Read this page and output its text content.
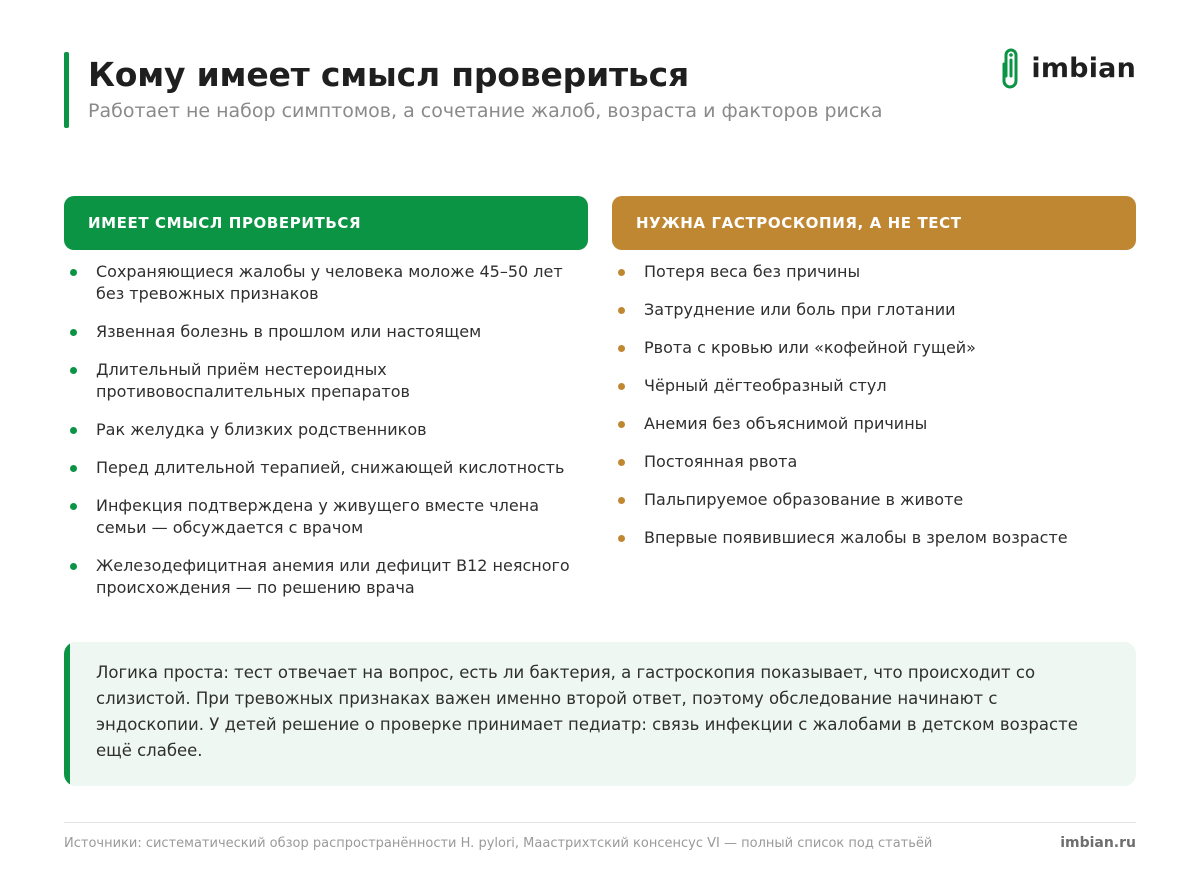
Кому имеет смысл провериться
Работает не набор симптомов, а сочетание жалоб, возраста и факторов риска
imbian
ИМЕЕТ СМЫСЛ ПРОВЕРИТЬСЯ
Сохраняющиеся жалобы у человека моложе 45–50 лет без тревожных признаков
Язвенная болезнь в прошлом или настоящем
Длительный приём нестероидных противовоспалительных препаратов
Рак желудка у близких родственников
Перед длительной терапией, снижающей кислотность
Инфекция подтверждена у живущего вместе члена семьи — обсуждается с врачом
Железодефицитная анемия или дефицит B12 неясного происхождения — по решению врача
НУЖНА ГАСТРОСКОПИЯ, А НЕ ТЕСТ
Потеря веса без причины
Затруднение или боль при глотании
Рвота с кровью или «кофейной гущей»
Чёрный дёгтеобразный стул
Анемия без объяснимой причины
Постоянная рвота
Пальпируемое образование в животе
Впервые появившиеся жалобы в зрелом возрасте

Логика проста: тест отвечает на вопрос, есть ли бактерия, а гастроскопия показывает, что происходит со слизистой. При тревожных признаках важен именно второй ответ, поэтому обследование начинают с эндоскопии. У детей решение о проверке принимает педиатр: связь инфекции с жалобами в детском возрасте ещё слабее.

Источники: систематический обзор распространённости H. pylori, Маастрихтский консенсус VI — полный список под статьёй	imbian.ru
